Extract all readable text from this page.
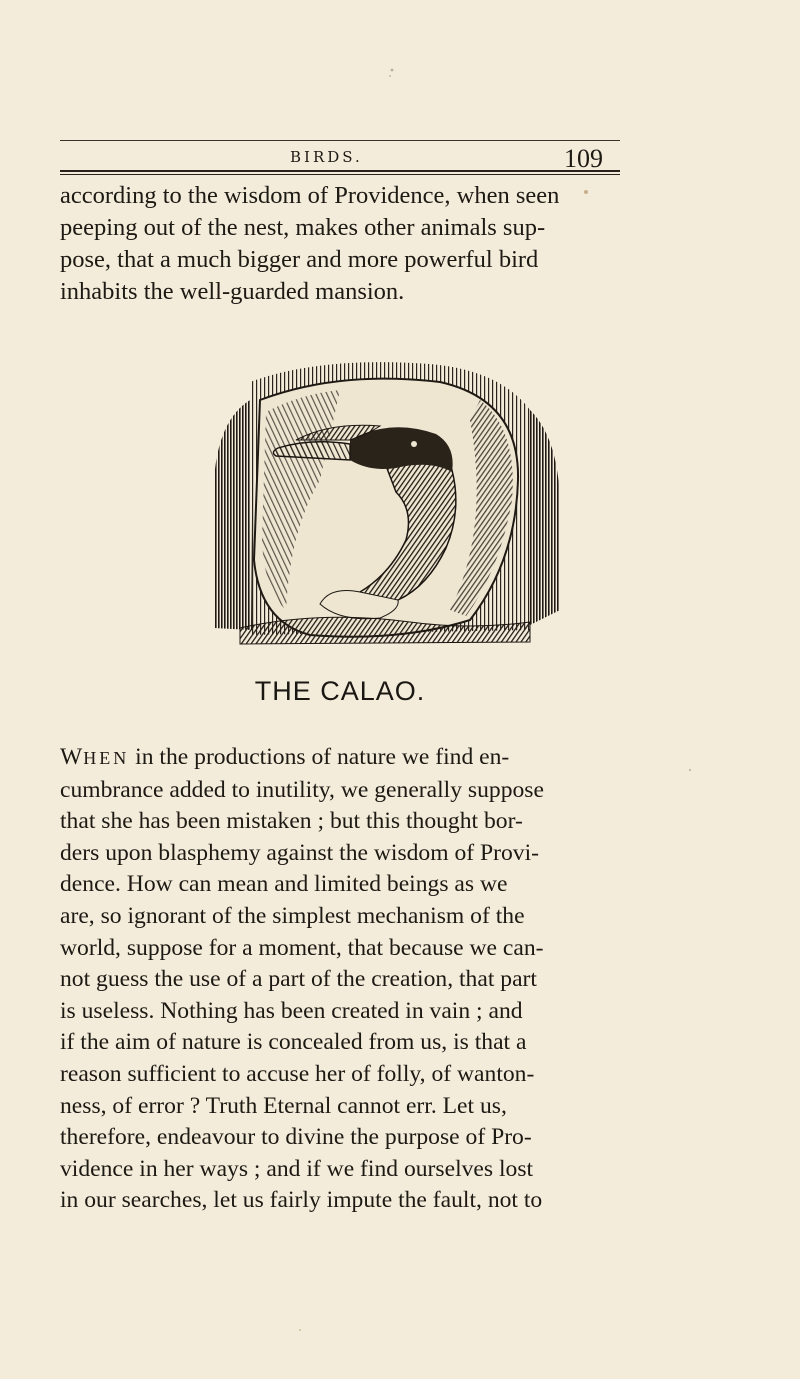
BIRDS.	109

according to the wisdom of Providence, when seen
peeping out of the nest, makes other animals sup-
pose, that a much bigger and more powerful bird
inhabits the well-guarded mansion.

THE CALAO.

WHEN in the productions of nature we find en-
cumbrance added to inutility, we generally suppose
that she has been mistaken ; but this thought bor-
ders upon blasphemy against the wisdom of Provi-
dence. How can mean and limited beings as we
are, so ignorant of the simplest mechanism of the
world, suppose for a moment, that because we can-
not guess the use of a part of the creation, that part
is useless. Nothing has been created in vain ; and
if the aim of nature is concealed from us, is that a
reason sufficient to accuse her of folly, of wanton-
ness, of error ? Truth Eternal cannot err. Let us,
therefore, endeavour to divine the purpose of Pro-
vidence in her ways ; and if we find ourselves lost
in our searches, let us fairly impute the fault, not to
